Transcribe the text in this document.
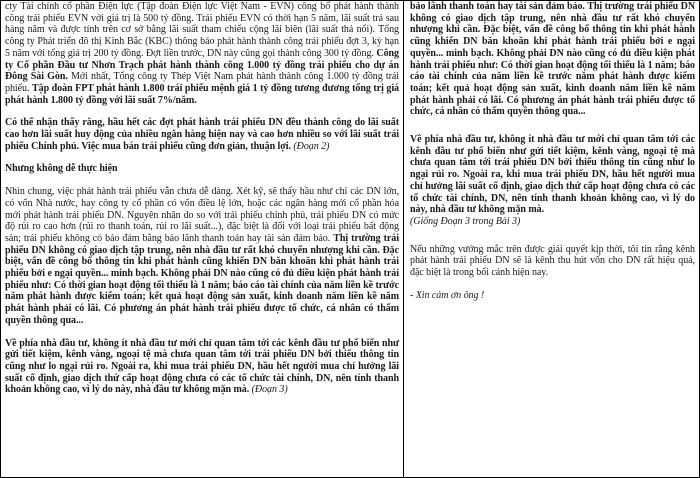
cty Tài chính cổ phần Điện lực (Tập đoàn Điện lực Việt Nam - EVN) công bố phát hành thành công trái phiếu EVN với giá trị là 500 tỷ đồng. Trái phiếu EVN có thời hạn 5 năm, lãi suất trả sau hàng năm và được tính trên cơ sở bằng lãi suất tham chiếu cộng lãi biên (lãi suất thả nổi). Tổng công ty Phát triển đô thị Kinh Bắc (KBC) thông báo phát hành thành công trái phiếu đợt 3, kỳ hạn 5 năm với tổng giá trị 200 tỷ đồng. Đợt liền trước, DN này cũng gọi thành công 300 tỷ đồng. Công ty Cổ phần Đầu tư Nhơn Trạch phát hành thành công 1.000 tỷ đồng trái phiếu cho dự án Đông Sài Gòn. Mới nhất, Tổng công ty Thép Việt Nam phát hành thành công 1.000 tỷ đồng trái phiếu. Tập đoàn FPT phát hành 1.800 trái phiếu mệnh giá 1 tỷ đồng tương đương tổng trị giá phát hành 1.800 tỷ đồng với lãi suất 7%/năm.

Có thể nhận thấy rằng, hầu hết các đợt phát hành trái phiếu DN đều thành công do lãi suất cao hơn lãi suất huy động của nhiều ngân hàng hiện nay và cao hơn nhiều so với lãi suất trái phiếu Chính phủ. Việc mua bán trái phiếu cũng đơn giản, thuận lợi. (Đoạn 2)

Nhưng không dễ thực hiện

Nhìn chung, việc phát hành trái phiếu vẫn chưa dễ dàng. Xét kỹ, sẽ thấy hầu như chỉ các DN lớn, có vốn Nhà nước, hay công ty cổ phần có vốn điều lệ lớn, hoặc các ngân hàng mới cổ phần hóa mới phát hành trái phiếu DN. Nguyên nhân do so với trái phiếu chính phủ, trái phiếu DN có mức độ rủi ro cao hơn (rủi ro thanh toán, rủi ro lãi suất...), đặc biệt là đối với loại trái phiếu bất động sản; trái phiếu không có bảo đảm bằng bảo lãnh thanh toán hay tài sản đảm bảo. Thị trường trái phiếu DN không có giao dịch tập trung, nên nhà đầu tư rất khó chuyển nhượng khi cần. Đặc biệt, vấn đề công bố thông tin khi phát hành cũng khiến DN băn khoăn khi phát hành trái phiếu bởi e ngại quyền... minh bạch. Không phải DN nào cũng có đủ điều kiện phát hành trái phiếu như: Có thời gian hoạt động tối thiểu là 1 năm; báo cáo tài chính của năm liền kề trước năm phát hành được kiểm toán; kết quả hoạt động sản xuất, kinh doanh năm liền kề năm phát hành phải có lãi. Có phương án phát hành trái phiếu được tổ chức, cá nhân có thẩm quyền thông qua...

Về phía nhà đầu tư, không ít nhà đầu tư mới chỉ quan tâm tới các kênh đầu tư phổ biến như gửi tiết kiệm, kênh vàng, ngoại tệ mà chưa quan tâm tới trái phiếu DN bởi thiếu thông tin cũng như lo ngại rủi ro. Ngoài ra, khi mua trái phiếu DN, hầu hết người mua chỉ hưởng lãi suất cố định, giao dịch thứ cấp hoạt động chưa có các tổ chức tài chính, DN, nên tính thanh khoản không cao, vì lý do này, nhà đầu tư không mặn mà. (Đoạn 3)

bảo lãnh thanh toán hay tài sản đảm bảo. Thị trường trái phiếu DN không có giao dịch tập trung, nên nhà đầu tư rất khó chuyển nhượng khi cần. Đặc biệt, vấn đề công bố thông tin khi phát hành cũng khiến DN băn khoăn khi phát hành trái phiếu bởi e ngại quyền... minh bạch. Không phải DN nào cũng có đủ điều kiện phát hành trái phiếu như: Có thời gian hoạt động tối thiểu là 1 năm; báo cáo tài chính của năm liền kề trước năm phát hành được kiểm toán; kết quả hoạt động sản xuất, kinh doanh năm liền kề năm phát hành phải có lãi. Có phương án phát hành trái phiếu được tổ chức, cá nhân có thẩm quyền thông qua...

Về phía nhà đầu tư, không ít nhà đầu tư mới chỉ quan tâm tới các kênh đầu tư phổ biến như gửi tiết kiệm, kênh vàng, ngoại tệ mà chưa quan tâm tới trái phiếu DN bởi thiếu thông tin cũng như lo ngại rủi ro. Ngoài ra, khi mua trái phiếu DN, hầu hết người mua chỉ hưởng lãi suất cố định, giao dịch thứ cấp hoạt động chưa có các tổ chức tài chính, DN, nên tính thanh khoản không cao, vì lý do này, nhà đầu tư không mặn mà.
(Giống Đoạn 3 trong Bài 3)

Nếu những vướng mắc trên được giải quyết kịp thời, tôi tin rằng kênh phát hành trái phiếu DN sẽ là kênh thu hút vốn cho DN rất hiệu quả, đặc biệt là trong bối cảnh hiện nay.

- Xin cảm ơn ông !
